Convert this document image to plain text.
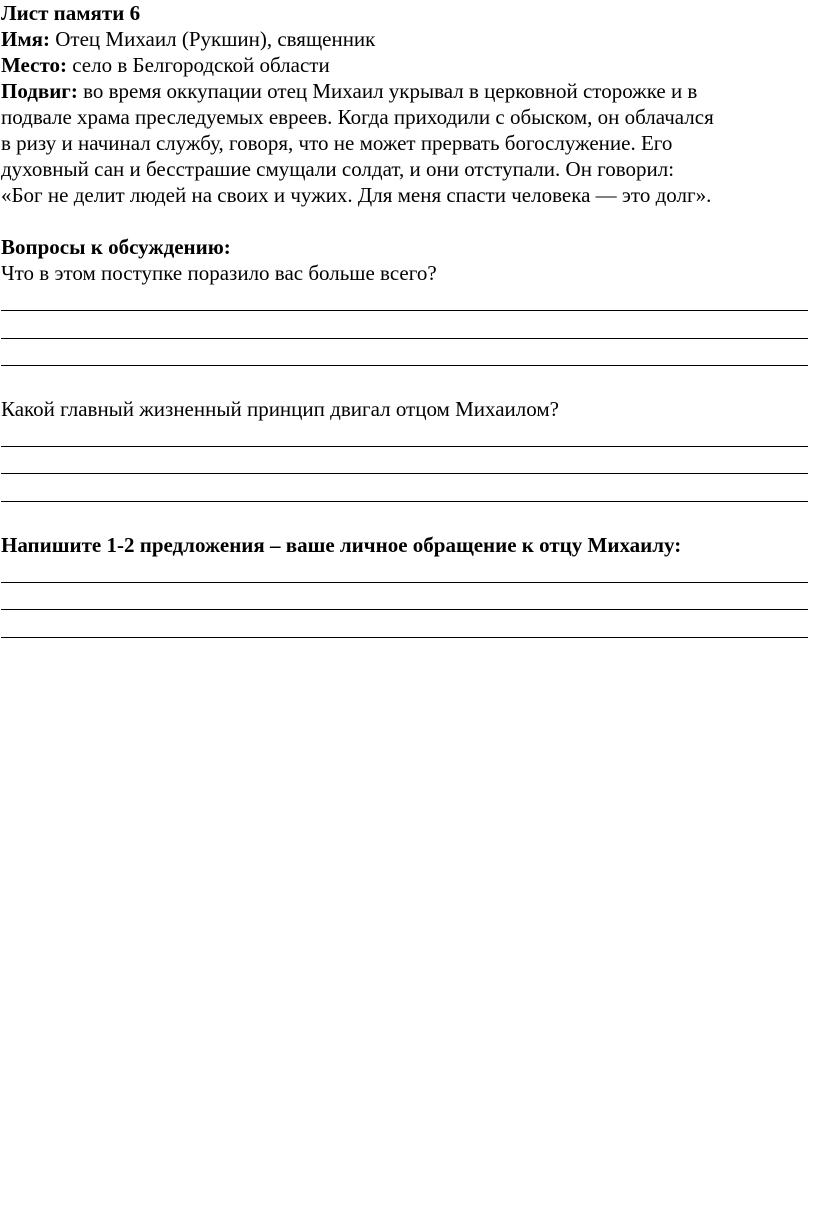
Лист памяти 6

Имя: Отец Михаил (Рукшин), священник

Место: село в Белгородской области

Подвиг: во время оккупации отец Михаил укрывал в церковной сторожке и в

подвале храма преследуемых евреев. Когда приходили с обыском, он облачался

в ризу и начинал службу, говоря, что не может прервать богослужение. Его

духовный сан и бесстрашие смущали солдат, и они отступали. Он говорил:

«Бог не делит людей на своих и чужих. Для меня спасти человека — это долг».

Вопросы к обсуждению:

Что в этом поступке поразило вас больше всего?

Какой главный жизненный принцип двигал отцом Михаилом?

Напишите 1-2 предложения – ваше личное обращение к отцу Михаилу:
